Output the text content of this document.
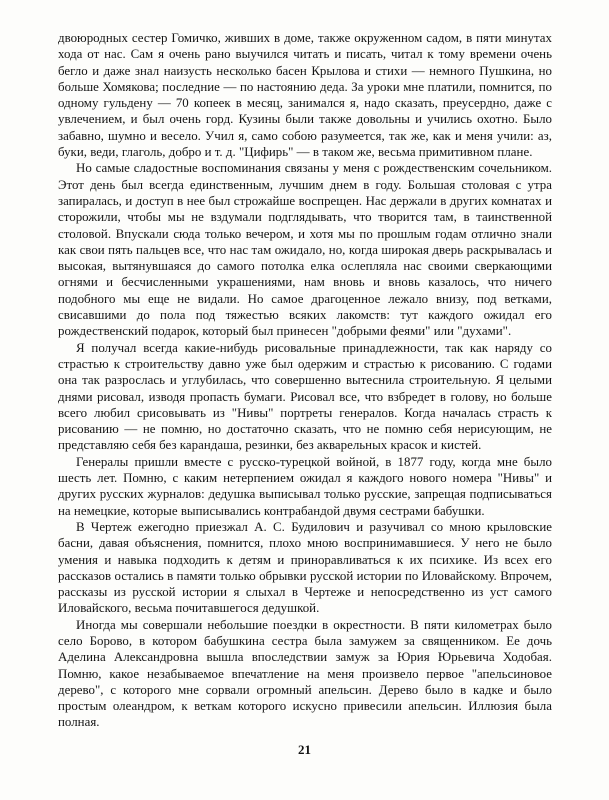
двоюродных сестер Гомичко, живших в доме, также окруженном садом, в пяти минутах хода от нас. Сам я очень рано выучился читать и писать, читал к тому времени очень бегло и даже знал наизусть несколько басен Крылова и стихи — немного Пушкина, но больше Хомякова; последние — по настоянию деда. За уроки мне платили, помнится, по одному гульдену — 70 копеек в месяц, занимался я, надо сказать, преусердно, даже с увлечением, и был очень горд. Кузины были также довольны и учились охотно. Было забавно, шумно и весело. Учил я, само собою разумеется, так же, как и меня учили: аз, буки, веди, глаголь, добро и т. д. "Цифирь" — в таком же, весьма примитивном плане.

Но самые сладостные воспоминания связаны у меня с рождественским сочельником. Этот день был всегда единственным, лучшим днем в году. Большая столовая с утра запиралась, и доступ в нее был строжайше воспрещен. Нас держали в других комнатах и сторожили, чтобы мы не вздумали подглядывать, что творится там, в таинственной столовой. Впускали сюда только вечером, и хотя мы по прошлым годам отлично знали как свои пять пальцев все, что нас там ожидало, но, когда широкая дверь раскрывалась и высокая, вытянувшаяся до самого потолка елка ослепляла нас своими сверкающими огнями и бесчисленными украшениями, нам вновь и вновь казалось, что ничего подобного мы еще не видали. Но самое драгоценное лежало внизу, под ветками, свисавшими до пола под тяжестью всяких лакомств: тут каждого ожидал его рождественский подарок, который был принесен "добрыми феями" или "духами".

Я получал всегда какие-нибудь рисовальные принадлежности, так как наряду со страстью к строительству давно уже был одержим и страстью к рисованию. С годами она так разрослась и углубилась, что совершенно вытеснила строительную. Я целыми днями рисовал, изводя пропасть бумаги. Рисовал все, что взбредет в голову, но больше всего любил срисовывать из "Нивы" портреты генералов. Когда началась страсть к рисованию — не помню, но достаточно сказать, что не помню себя нерисующим, не представляю себя без карандаша, резинки, без акварельных красок и кистей.

Генералы пришли вместе с русско-турецкой войной, в 1877 году, когда мне было шесть лет. Помню, с каким нетерпением ожидал я каждого нового номера "Нивы" и других русских журналов: дедушка выписывал только русские, запрещая подписываться на немецкие, которые выписывались контрабандой двумя сестрами бабушки.

В Чертеж ежегодно приезжал А. С. Будилович и разучивал со мною крыловские басни, давая объяснения, помнится, плохо мною воспринимавшиеся. У него не было умения и навыка подходить к детям и приноравливаться к их психике. Из всех его рассказов остались в памяти только обрывки русской истории по Иловайскому. Впрочем, рассказы из русской истории я слыхал в Чертеже и непосредственно из уст самого Иловайского, весьма почитавшегося дедушкой.

Иногда мы совершали небольшие поездки в окрестности. В пяти километрах было село Борово, в котором бабушкина сестра была замужем за священником. Ее дочь Аделина Александровна вышла впоследствии замуж за Юрия Юрьевича Ходобая. Помню, какое незабываемое впечатление на меня произвело первое "апельсиновое дерево", с которого мне сорвали огромный апельсин. Дерево было в кадке и было простым олеандром, к веткам которого искусно привесили апельсин. Иллюзия была полная.

21
